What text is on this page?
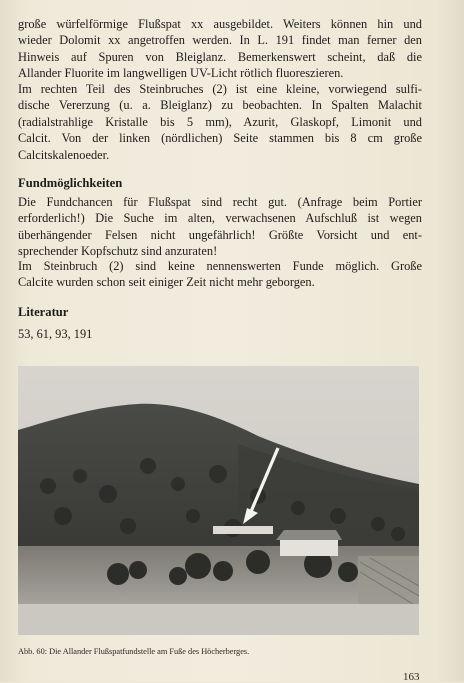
große würfelförmige Flußspat xx ausgebildet. Weiters können hin und
wieder Dolomit xx angetroffen werden. In L. 191 findet man ferner den
Hinweis auf Spuren von Bleiglanz. Bemerkenswert scheint, daß die
Allander Fluorite im langwelligen UV-Licht rötlich fluoreszieren.
Im rechten Teil des Steinbruches (2) ist eine kleine, vorwiegend sulfi-
dische Vererzung (u. a. Bleiglanz) zu beobachten. In Spalten Malachit
(radialstrahlige Kristalle bis 5 mm), Azurit, Glaskopf, Limonit und
Calcit. Von der linken (nördlichen) Seite stammen bis 8 cm große
Calcitskalenoeder.
Fundmöglichkeiten
Die Fundchancen für Flußspat sind recht gut. (Anfrage beim Portier
erforderlich!) Die Suche im alten, verwachsenen Aufschluß ist wegen
überhängender Felsen nicht ungefährlich! Größte Vorsicht und ent-
sprechender Kopfschutz sind anzuraten!
Im Steinbruch (2) sind keine nennenswerten Funde möglich. Große
Calcite wurden schon seit einiger Zeit nicht mehr geborgen.
Literatur
53, 61, 93, 191
Abb. 60: Die Allander Flußspatfundstelle am Fuße des Höcherberges.
163
